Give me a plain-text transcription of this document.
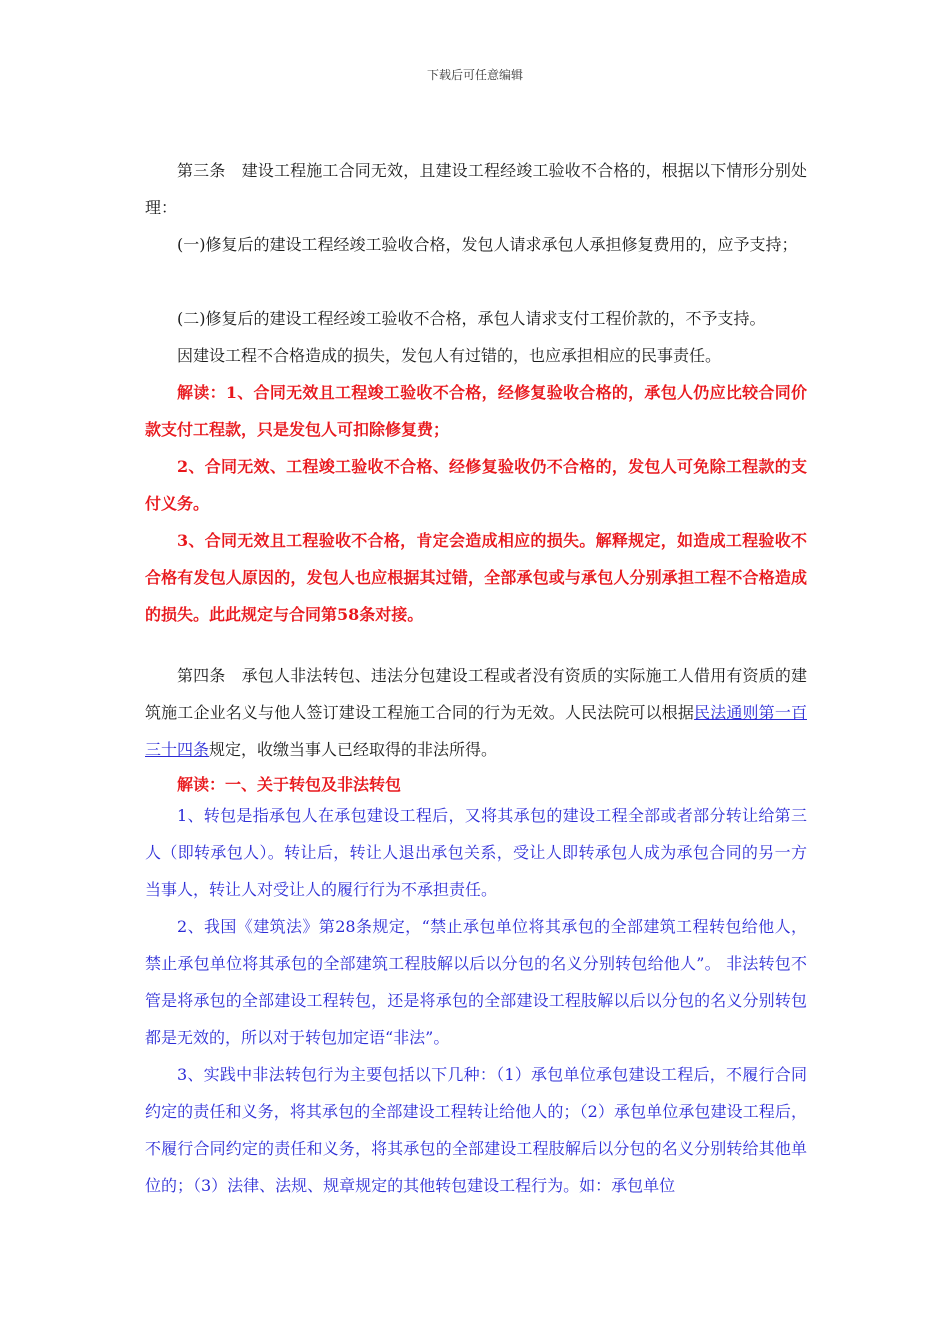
下载后可任意编辑

第三条　建设工程施工合同无效，且建设工程经竣工验收不合格的，根据以下情形分别处理：

(一)修复后的建设工程经竣工验收合格，发包人请求承包人承担修复费用的，应予支持；

(二)修复后的建设工程经竣工验收不合格，承包人请求支付工程价款的，不予支持。

因建设工程不合格造成的损失，发包人有过错的，也应承担相应的民事责任。

解读：1、合同无效且工程竣工验收不合格，经修复验收合格的，承包人仍应比较合同价款支付工程款，只是发包人可扣除修复费；

2、合同无效、工程竣工验收不合格、经修复验收仍不合格的，发包人可免除工程款的支付义务。

3、合同无效且工程验收不合格，肯定会造成相应的损失。解释规定，如造成工程验收不合格有发包人原因的，发包人也应根据其过错，全部承包或与承包人分别承担工程不合格造成的损失。此此规定与合同第58条对接。

第四条　承包人非法转包、违法分包建设工程或者没有资质的实际施工人借用有资质的建筑施工企业名义与他人签订建设工程施工合同的行为无效。人民法院可以根据民法通则第一百三十四条规定，收缴当事人已经取得的非法所得。

解读：一、关于转包及非法转包

1、转包是指承包人在承包建设工程后，又将其承包的建设工程全部或者部分转让给第三人（即转承包人）。转让后，转让人退出承包关系，受让人即转承包人成为承包合同的另一方当事人，转让人对受让人的履行行为不承担责任。

2、我国《建筑法》第28条规定，“禁止承包单位将其承包的全部建筑工程转包给他人，禁止承包单位将其承包的全部建筑工程肢解以后以分包的名义分别转包给他人”。 非法转包不管是将承包的全部建设工程转包，还是将承包的全部建设工程肢解以后以分包的名义分别转包都是无效的，所以对于转包加定语“非法”。

3、实践中非法转包行为主要包括以下几种：（1）承包单位承包建设工程后，不履行合同约定的责任和义务，将其承包的全部建设工程转让给他人的；（2）承包单位承包建设工程后，不履行合同约定的责任和义务，将其承包的全部建设工程肢解后以分包的名义分别转给其他单位的；（3）法律、法规、规章规定的其他转包建设工程行为。如：承包单位
